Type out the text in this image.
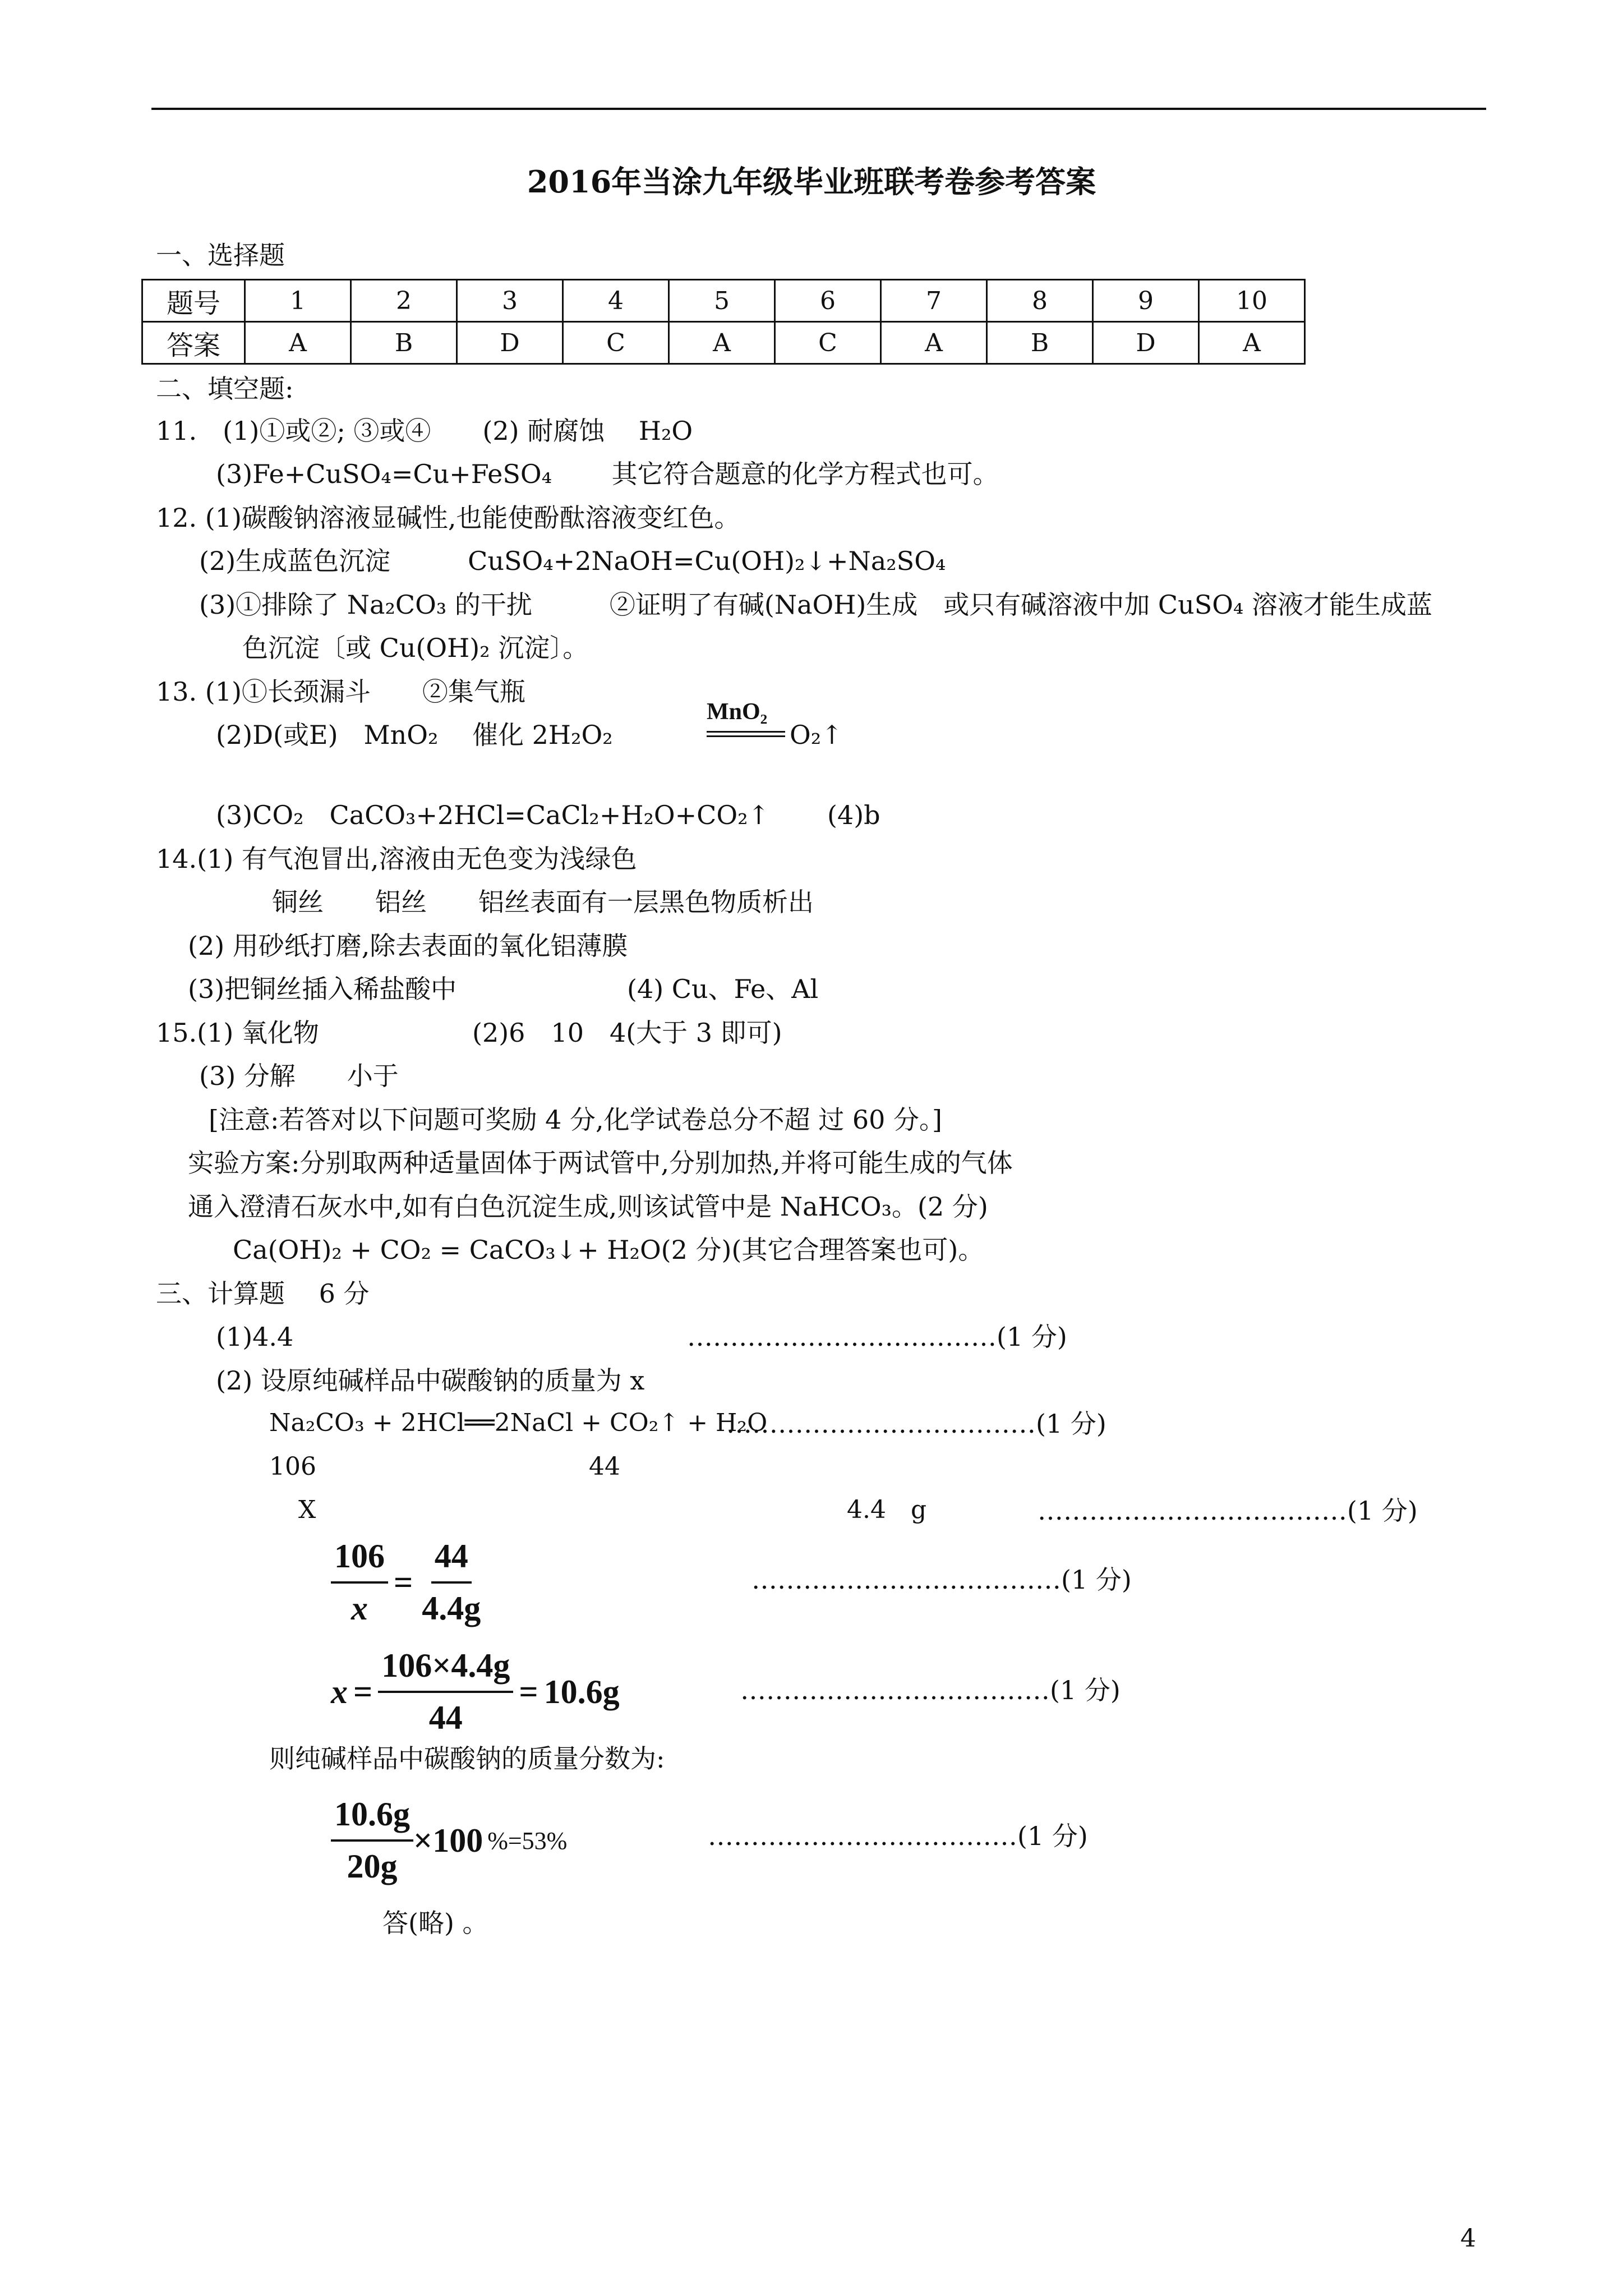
2016年当涂九年级毕业班联考卷参考答案
一、选择题
题号	1	2	3	4	5	6	7	8	9	10
答案	A	B	D	C	A	C	A	B	D	A
二、填空题:
11.　(1)①或②; ③或④　　(2) 耐腐蚀　 H₂O
(3)Fe+CuSO₄=Cu+FeSO₄　　 其它符合题意的化学方程式也可。
12. (1)碳酸钠溶液显碱性,也能使酚酞溶液变红色。
(2)生成蓝色沉淀　　　CuSO₄+2NaOH=Cu(OH)₂↓+Na₂SO₄
(3)①排除了 Na₂CO₃ 的干扰　　　②证明了有碱(NaOH)生成　或只有碱溶液中加 CuSO₄ 溶液才能生成蓝
色沉淀〔或 Cu(OH)₂ 沉淀〕。
13. (1)①长颈漏斗　　②集气瓶
(2)D(或E)　MnO₂　 催化 2H₂O₂
MnO₂
O₂↑
(3)CO₂　CaCO₃+2HCl=CaCl₂+H₂O+CO₂↑ (4)b
14.(1) 有气泡冒出,溶液由无色变为浅绿色
铜丝　　铝丝　　铝丝表面有一层黑色物质析出
(2) 用砂纸打磨,除去表面的氧化铝薄膜
(3)把铜丝插入稀盐酸中	(4) Cu、Fe、Al
15.(1) 氧化物	(2)6　10　4(大于 3 即可)
(3) 分解　　小于
[注意:若答对以下问题可奖励 4 分,化学试卷总分不超 过 60 分。]
实验方案:分别取两种适量固体于两试管中,分别加热,并将可能生成的气体
通入澄清石灰水中,如有白色沉淀生成,则该试管中是 NaHCO₃。(2 分)
Ca(OH)₂ + CO₂ = CaCO₃↓+ H₂O(2 分)(其它合理答案也可)。
三、计算题　 6 分
(1)4.4	………………………………(1 分)
(2) 设原纯碱样品中碳酸钠的质量为 x
Na₂CO₃ + 2HCl══2NaCl + CO₂↑ + H₂O
………………………………(1 分)
106	44
X	4.4　g	………………………………(1 分)
$\frac{106}{x} = \frac{44}{4.4g}$	………………………………(1 分)
$x = \frac{106\times 4.4g}{44} = 10.6g$	………………………………(1 分)
则纯碱样品中碳酸钠的质量分数为:
$\frac{10.6g}{20g} \times 100$ %=53%	………………………………(1 分)
答(略) 。
4
